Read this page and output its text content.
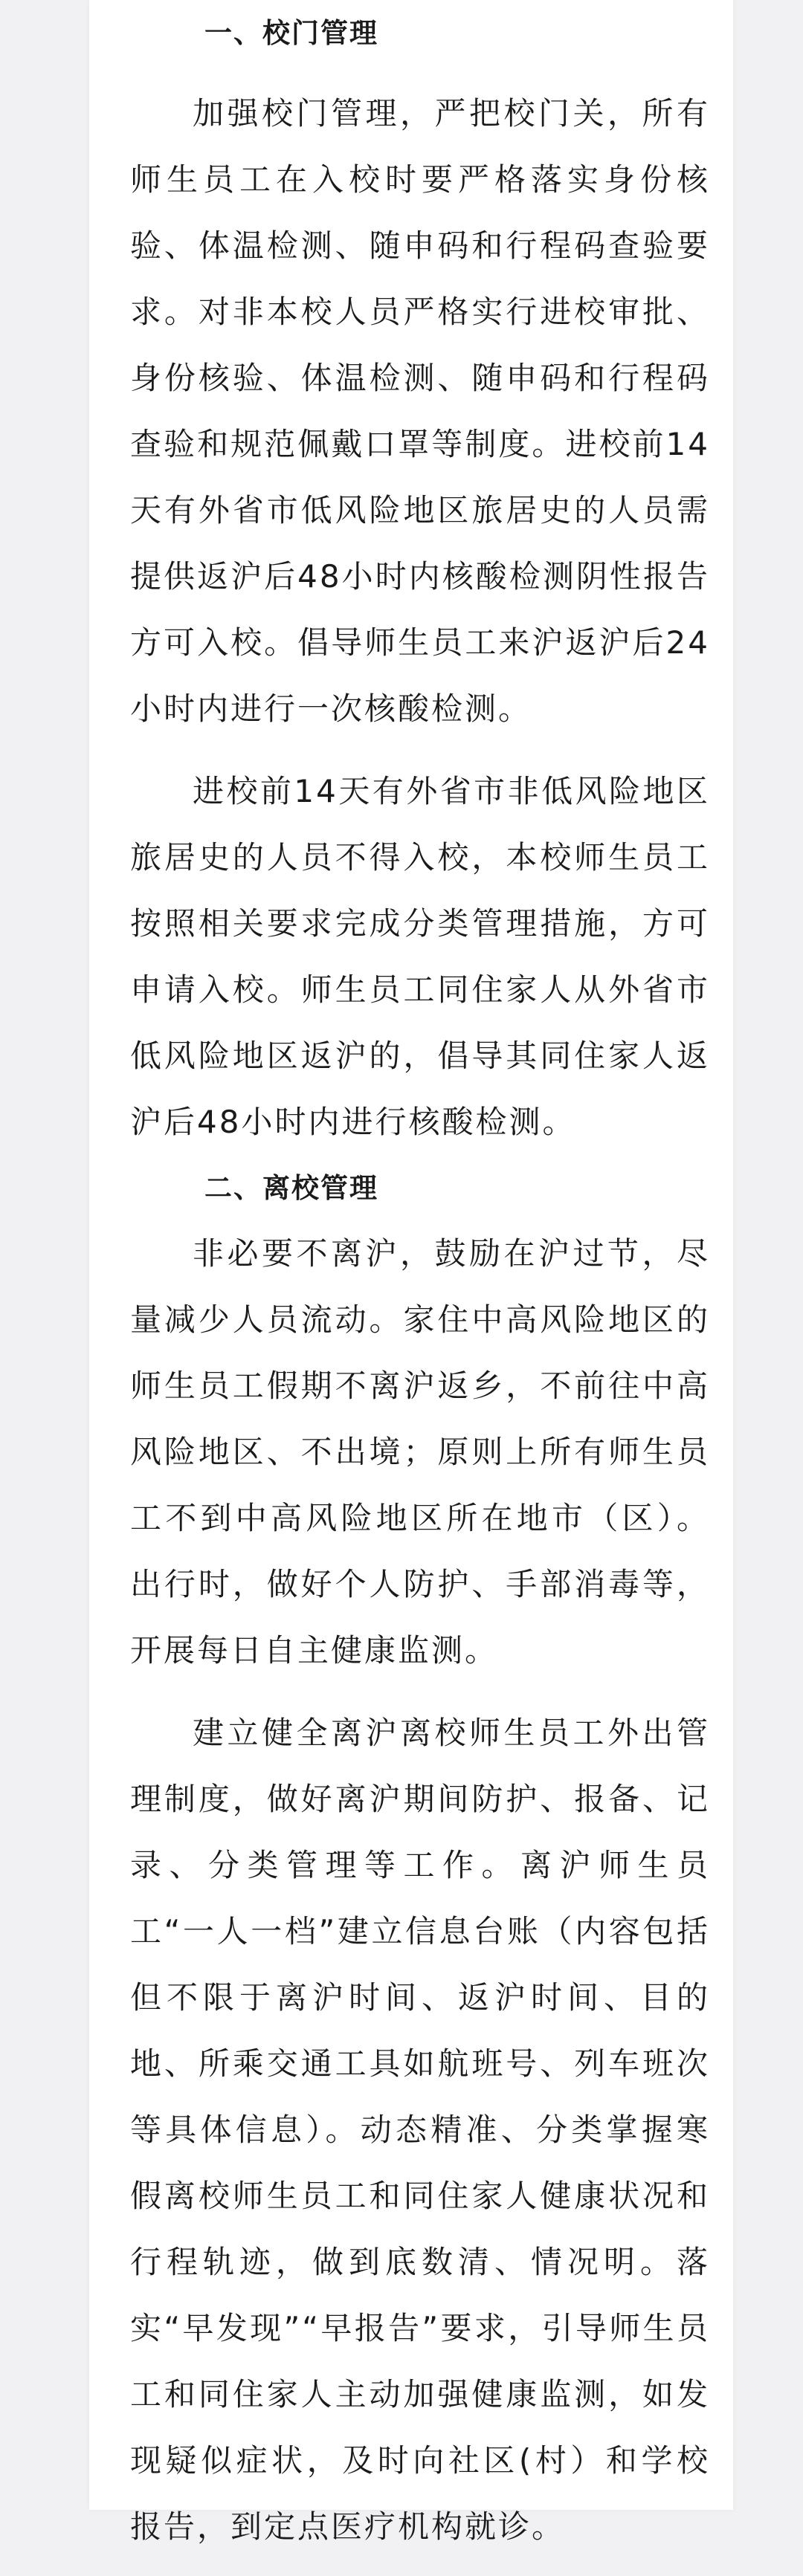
一、校门管理

加强校门管理，严把校门关，所有师生员工在入校时要严格落实身份核验、体温检测、随申码和行程码查验要求。对非本校人员严格实行进校审批、身份核验、体温检测、随申码和行程码查验和规范佩戴口罩等制度。进校前14天有外省市低风险地区旅居史的人员需提供返沪后48小时内核酸检测阴性报告方可入校。倡导师生员工来沪返沪后24小时内进行一次核酸检测。

进校前14天有外省市非低风险地区旅居史的人员不得入校，本校师生员工按照相关要求完成分类管理措施，方可申请入校。师生员工同住家人从外省市低风险地区返沪的，倡导其同住家人返沪后48小时内进行核酸检测。

二、离校管理

非必要不离沪，鼓励在沪过节，尽量减少人员流动。家住中高风险地区的师生员工假期不离沪返乡，不前往中高风险地区、不出境；原则上所有师生员工不到中高风险地区所在地市（区）。出行时，做好个人防护、手部消毒等，开展每日自主健康监测。

建立健全离沪离校师生员工外出管理制度，做好离沪期间防护、报备、记录、分类管理等工作。离沪师生员工“一人一档”建立信息台账（内容包括但不限于离沪时间、返沪时间、目的地、所乘交通工具如航班号、列车班次等具体信息）。动态精准、分类掌握寒假离校师生员工和同住家人健康状况和行程轨迹，做到底数清、情况明。落实“早发现”“早报告”要求，引导师生员工和同住家人主动加强健康监测，如发现疑似症状，及时向社区(村）和学校报告，到定点医疗机构就诊。
